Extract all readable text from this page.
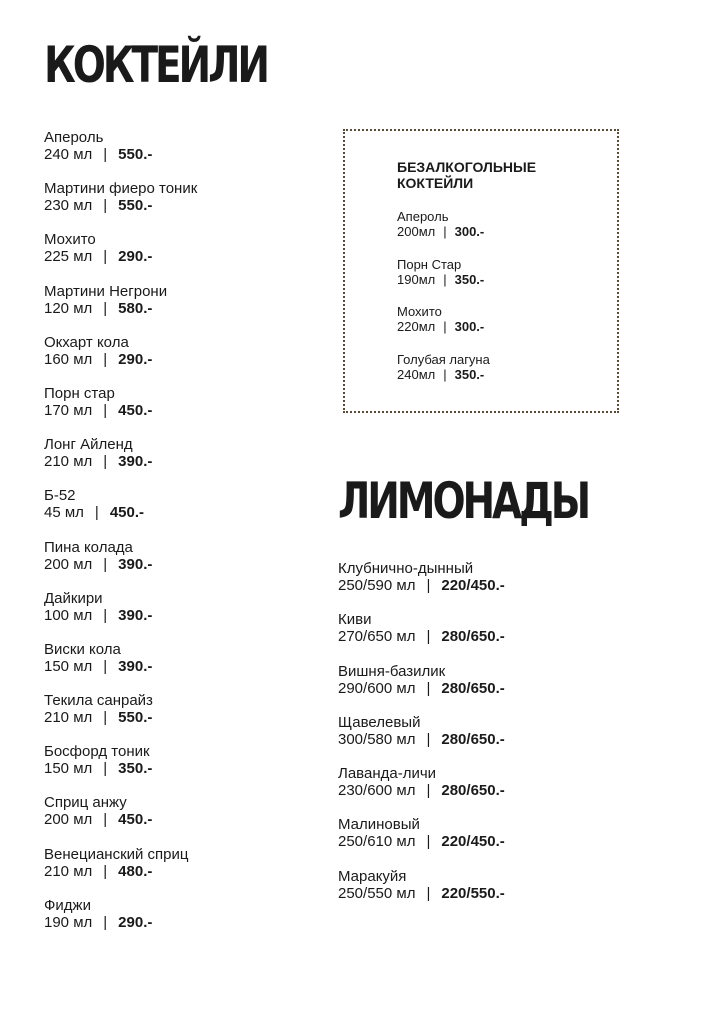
КОКТЕЙЛИ
Апероль
240 мл | 550.-
Мартини фиеро тоник
230 мл | 550.-
Мохито
225 мл | 290.-
Мартини Негрони
120 мл | 580.-
Окхарт кола
160 мл | 290.-
Порн стар
170 мл | 450.-
Лонг Айленд
210 мл | 390.-
Б-52
45 мл | 450.-
Пина колада
200 мл | 390.-
Дайкири
100 мл | 390.-
Виски кола
150 мл | 390.-
Текила санрайз
210 мл | 550.-
Босфорд тоник
150 мл | 350.-
Сприц анжу
200 мл | 450.-
Венецианский сприц
210 мл | 480.-
Фиджи
190 мл | 290.-
БЕЗАЛКОГОЛЬНЫЕ КОКТЕЙЛИ
Апероль
200мл | 300.-
Порн Стар
190мл | 350.-
Мохито
220мл | 300.-
Голубая лагуна
240мл | 350.-
ЛИМОНАДЫ
Клубнично-дынный
250/590 мл | 220/450.-
Киви
270/650 мл | 280/650.-
Вишня-базилик
290/600 мл | 280/650.-
Щавелевый
300/580 мл | 280/650.-
Лаванда-личи
230/600 мл | 280/650.-
Малиновый
250/610 мл | 220/450.-
Маракуйя
250/550 мл | 220/550.-
